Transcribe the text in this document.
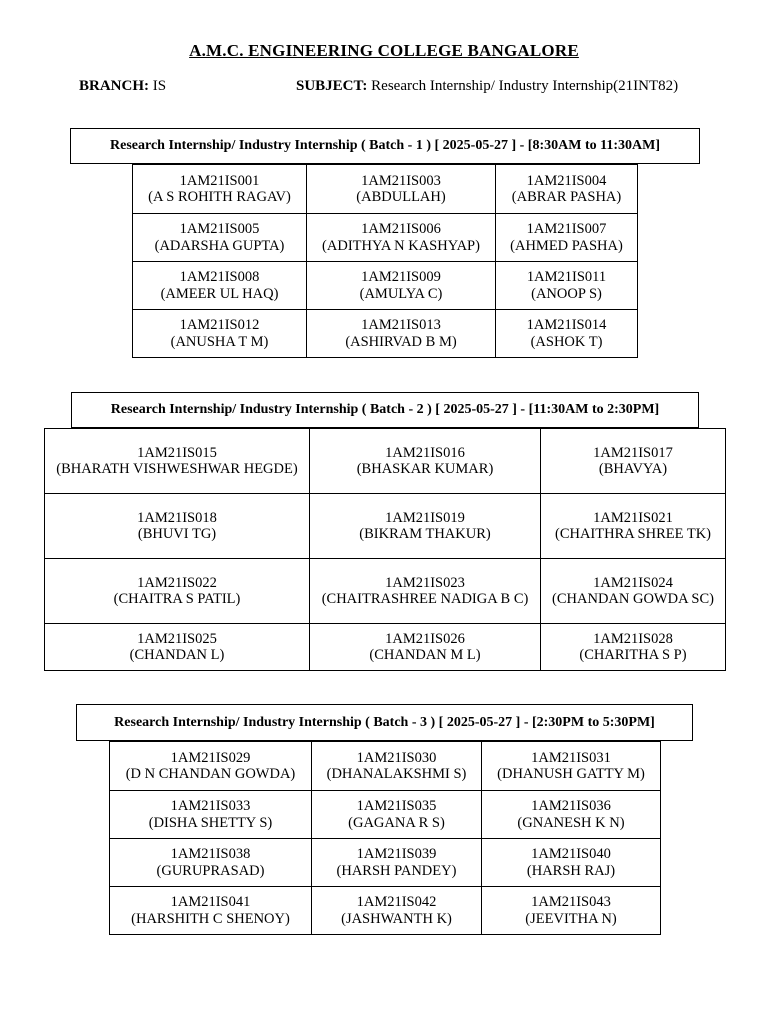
A.M.C. ENGINEERING COLLEGE BANGALORE
BRANCH: IS	SUBJECT: Research Internship/ Industry Internship(21INT82)
Research Internship/ Industry Internship ( Batch - 1 ) [ 2025-05-27 ] - [8:30AM to 11:30AM]
1AM21IS001
(A S ROHITH RAGAV)	1AM21IS003
(ABDULLAH)	1AM21IS004
(ABRAR PASHA)

1AM21IS005
(ADARSHA GUPTA)	1AM21IS006
(ADITHYA N KASHYAP)	1AM21IS007
(AHMED PASHA)

1AM21IS008
(AMEER UL HAQ)	1AM21IS009
(AMULYA C)	1AM21IS011
(ANOOP S)

1AM21IS012
(ANUSHA T M)	1AM21IS013
(ASHIRVAD B M)	1AM21IS014
(ASHOK T)
Research Internship/ Industry Internship ( Batch - 2 ) [ 2025-05-27 ] - [11:30AM to 2:30PM]
1AM21IS015
(BHARATH VISHWESHWAR HEGDE)	1AM21IS016
(BHASKAR KUMAR)	1AM21IS017
(BHAVYA)

1AM21IS018
(BHUVI TG)	1AM21IS019
(BIKRAM THAKUR)	1AM21IS021
(CHAITHRA SHREE TK)

1AM21IS022
(CHAITRA S PATIL)	1AM21IS023
(CHAITRASHREE NADIGA B C)	1AM21IS024
(CHANDAN GOWDA SC)

1AM21IS025
(CHANDAN L)	1AM21IS026
(CHANDAN M L)	1AM21IS028
(CHARITHA S P)
Research Internship/ Industry Internship ( Batch - 3 ) [ 2025-05-27 ] - [2:30PM to 5:30PM]
1AM21IS029
(D N CHANDAN GOWDA)	1AM21IS030
(DHANALAKSHMI S)	1AM21IS031
(DHANUSH GATTY M)

1AM21IS033
(DISHA SHETTY S)	1AM21IS035
(GAGANA R S)	1AM21IS036
(GNANESH K N)

1AM21IS038
(GURUPRASAD)	1AM21IS039
(HARSH PANDEY)	1AM21IS040
(HARSH RAJ)

1AM21IS041
(HARSHITH C SHENOY)	1AM21IS042
(JASHWANTH K)	1AM21IS043
(JEEVITHA N)
